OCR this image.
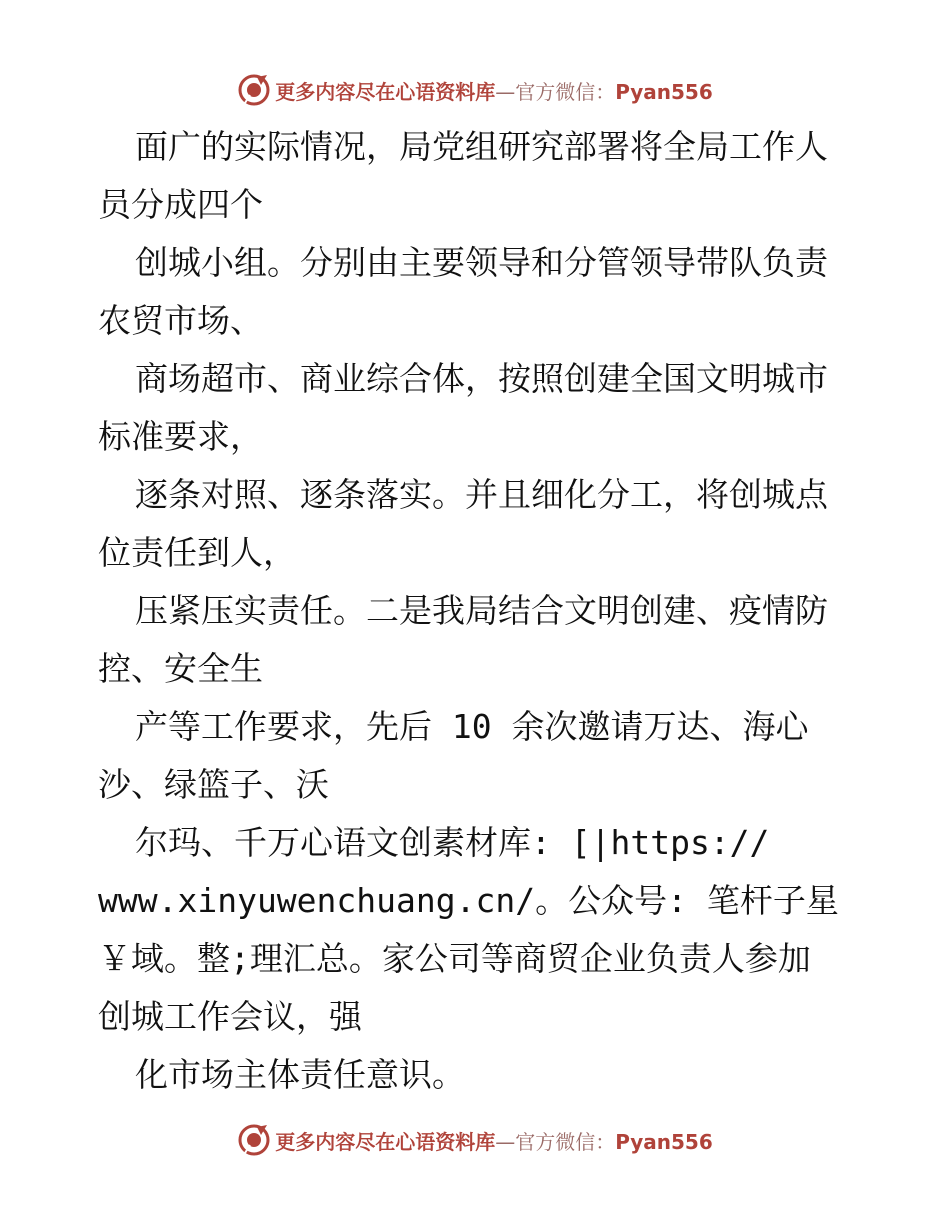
更多内容尽在心语资料库—官方微信：Pyan556
面广的实际情况，局党组研究部署将全局工作人
员分成四个
创城小组。分别由主要领导和分管领导带队负责
农贸市场、
商场超市、商业综合体，按照创建全国文明城市
标准要求，
逐条对照、逐条落实。并且细化分工，将创城点
位责任到人，
压紧压实责任。二是我局结合文明创建、疫情防
控、安全生
产等工作要求，先后 10 余次邀请万达、海心
沙、绿篮子、沃
尔玛、千万心语文创素材库: [|https://
www.xinyuwenchuang.cn/。公众号: 笔杆子星
￥域。整;理汇总。家公司等商贸企业负责人参加
创城工作会议，强
化市场主体责任意识。
更多内容尽在心语资料库—官方微信：Pyan556
